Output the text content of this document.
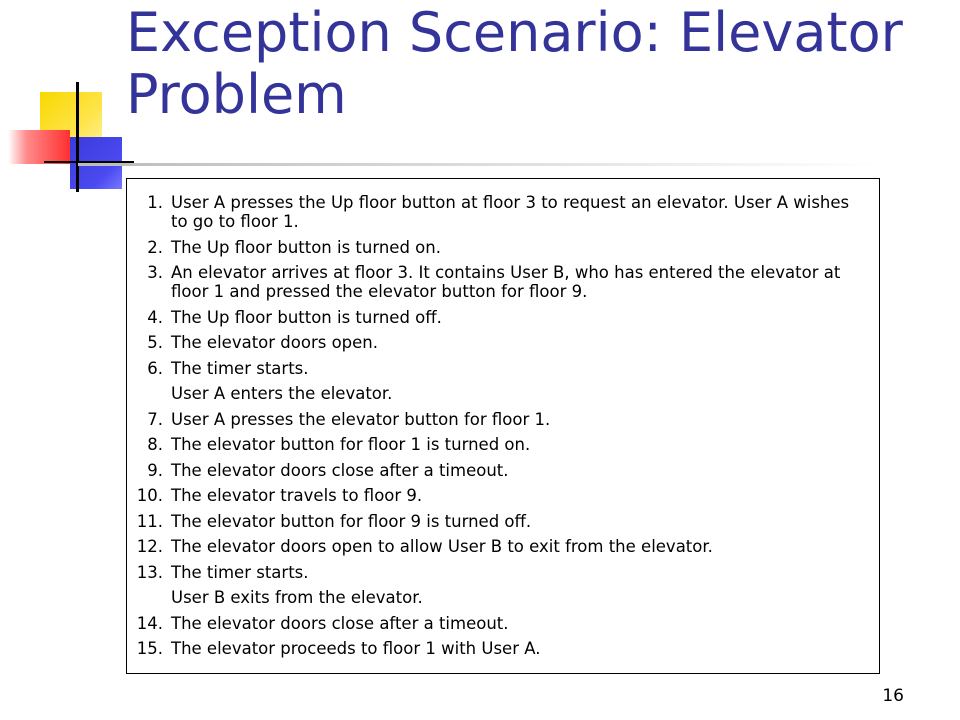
Exception Scenario: Elevator Problem
1. User A presses the Up floor button at floor 3 to request an elevator. User A wishes to go to floor 1.
2. The Up floor button is turned on.
3. An elevator arrives at floor 3. It contains User B, who has entered the elevator at floor 1 and pressed the elevator button for floor 9.
4. The Up floor button is turned off.
5. The elevator doors open.
6. The timer starts.
User A enters the elevator.
7. User A presses the elevator button for floor 1.
8. The elevator button for floor 1 is turned on.
9. The elevator doors close after a timeout.
10. The elevator travels to floor 9.
11. The elevator button for floor 9 is turned off.
12. The elevator doors open to allow User B to exit from the elevator.
13. The timer starts.
User B exits from the elevator.
14. The elevator doors close after a timeout.
15. The elevator proceeds to floor 1 with User A.
16
